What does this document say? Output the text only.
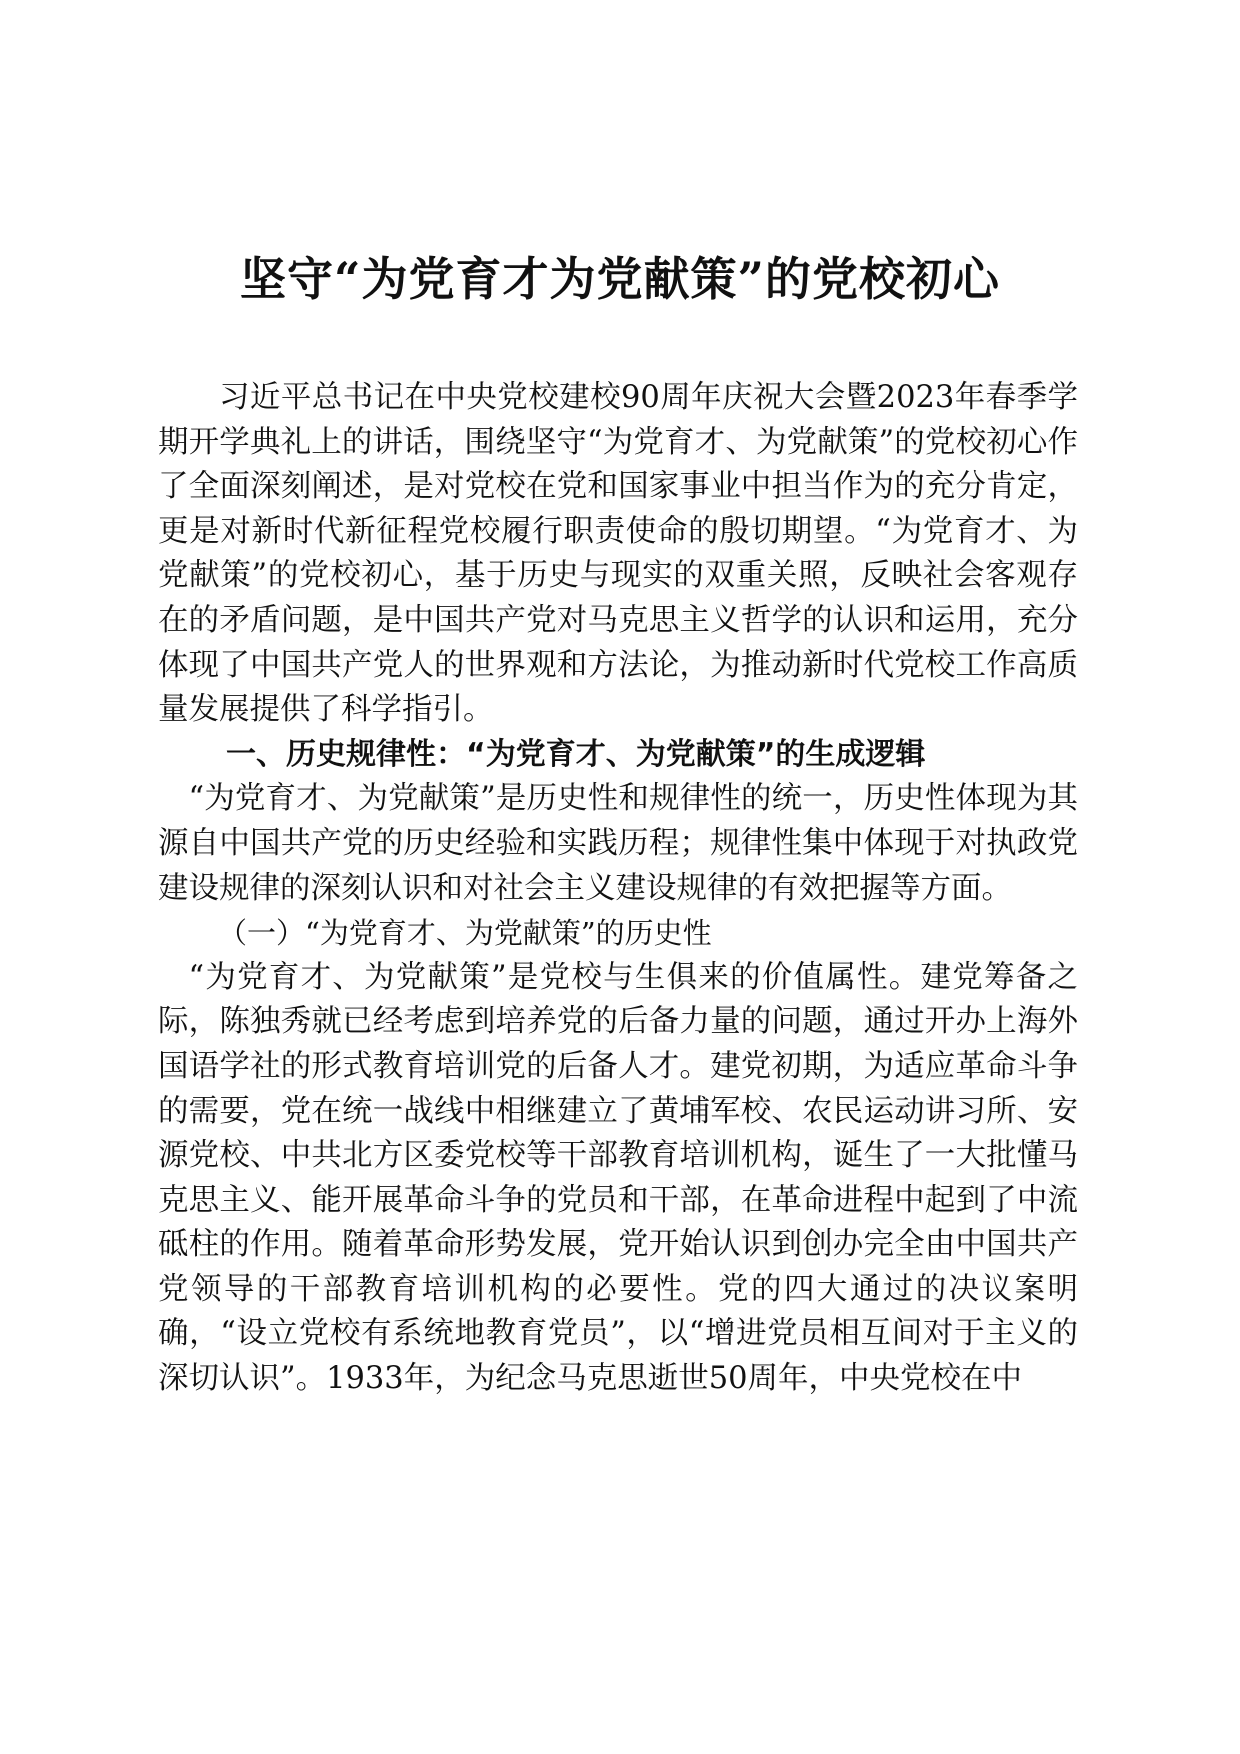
坚守“为党育才为党献策”的党校初心

习近平总书记在中央党校建校90周年庆祝大会暨2023年春季学期开学典礼上的讲话，围绕坚守“为党育才、为党献策”的党校初心作了全面深刻阐述，是对党校在党和国家事业中担当作为的充分肯定，更是对新时代新征程党校履行职责使命的殷切期望。“为党育才、为党献策”的党校初心，基于历史与现实的双重关照，反映社会客观存在的矛盾问题，是中国共产党对马克思主义哲学的认识和运用，充分体现了中国共产党人的世界观和方法论，为推动新时代党校工作高质量发展提供了科学指引。

一、历史规律性：“为党育才、为党献策”的生成逻辑

“为党育才、为党献策”是历史性和规律性的统一，历史性体现为其源自中国共产党的历史经验和实践历程；规律性集中体现于对执政党建设规律的深刻认识和对社会主义建设规律的有效把握等方面。

（一）“为党育才、为党献策”的历史性

“为党育才、为党献策”是党校与生俱来的价值属性。建党筹备之际，陈独秀就已经考虑到培养党的后备力量的问题，通过开办上海外国语学社的形式教育培训党的后备人才。建党初期，为适应革命斗争的需要，党在统一战线中相继建立了黄埔军校、农民运动讲习所、安源党校、中共北方区委党校等干部教育培训机构，诞生了一大批懂马克思主义、能开展革命斗争的党员和干部，在革命进程中起到了中流砥柱的作用。随着革命形势发展，党开始认识到创办完全由中国共产党领导的干部教育培训机构的必要性。党的四大通过的决议案明确，“设立党校有系统地教育党员”，以“增进党员相互间对于主义的深切认识”。1933年，为纪念马克思逝世50周年，中央党校在中
